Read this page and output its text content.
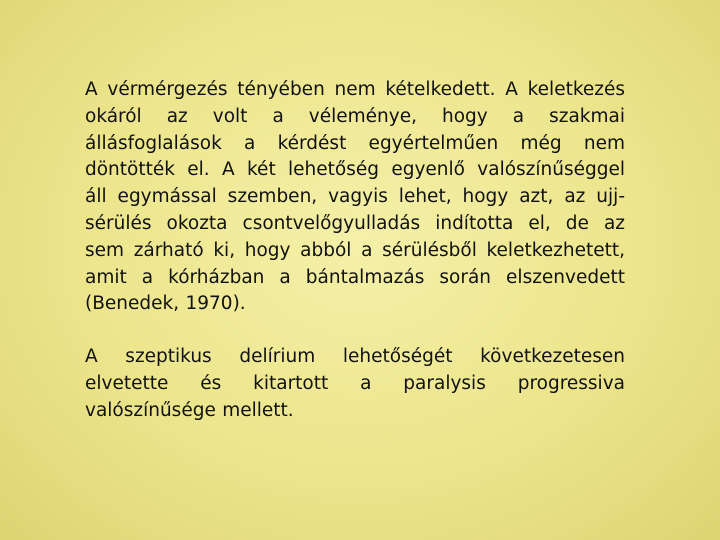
A vérmérgezés tényében nem kételkedett. A keletkezés
okáról az volt a véleménye, hogy a szakmai
állásfoglalások a kérdést egyértelműen még nem
döntötték el. A két lehetőség egyenlő valószínűséggel
áll egymással szemben, vagyis lehet, hogy azt, az ujj-
sérülés okozta csontvelőgyulladás indította el, de az
sem zárható ki, hogy abból a sérülésből keletkezhetett,
amit a kórházban a bántalmazás során elszenvedett
(Benedek, 1970).

A szeptikus delírium lehetőségét következetesen
elvetette és kitartott a paralysis progressiva
valószínűsége mellett.
